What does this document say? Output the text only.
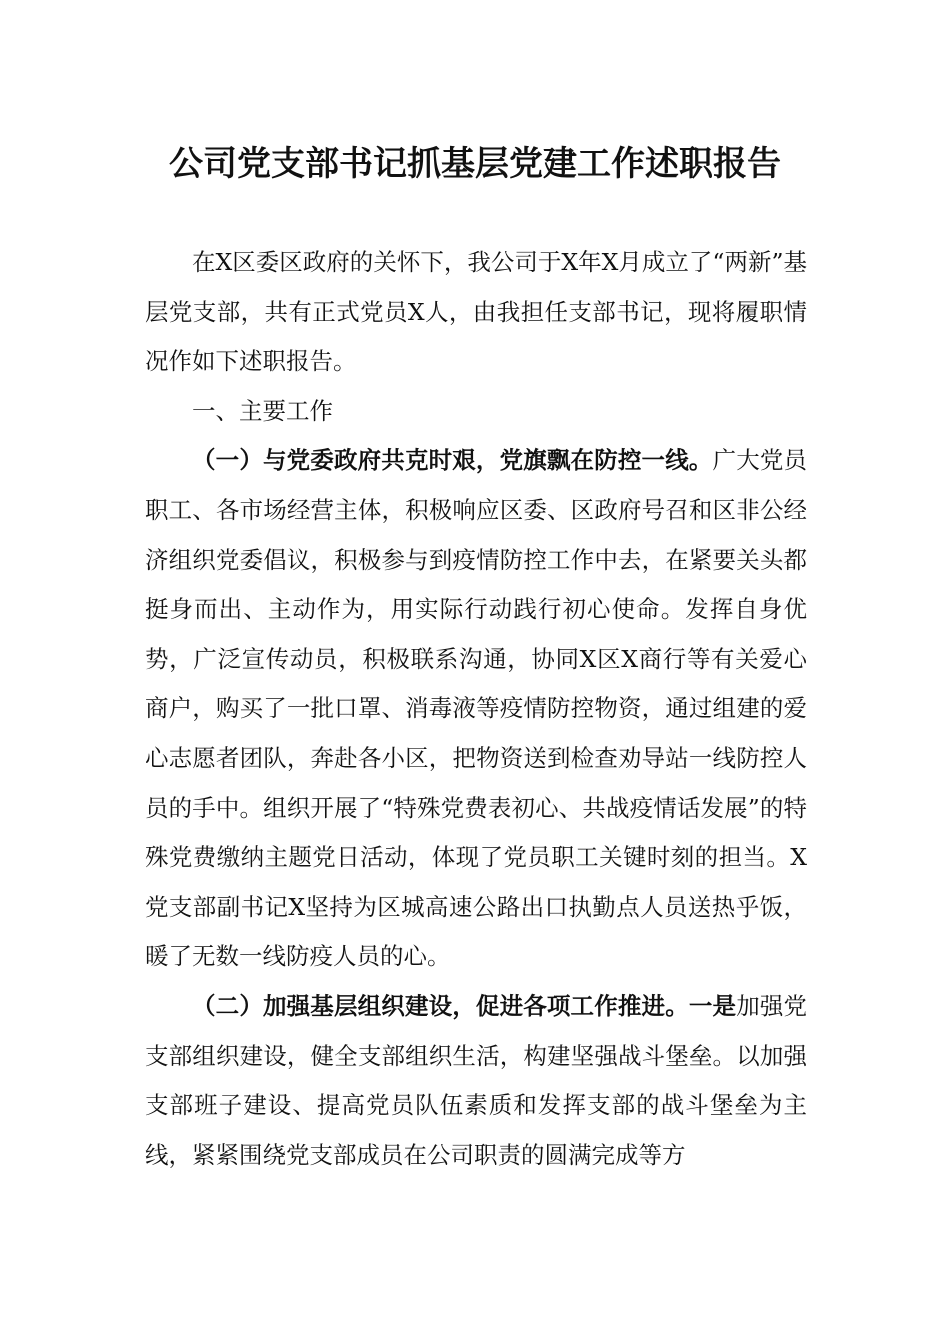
公司党支部书记抓基层党建工作述职报告

在X区委区政府的关怀下，我公司于X年X月成立了“两新”基层党支部，共有正式党员X人，由我担任支部书记，现将履职情况作如下述职报告。

一、主要工作

（一）与党委政府共克时艰，党旗飘在防控一线。广大党员职工、各市场经营主体，积极响应区委、区政府号召和区非公经济组织党委倡议，积极参与到疫情防控工作中去，在紧要关头都挺身而出、主动作为，用实际行动践行初心使命。发挥自身优势，广泛宣传动员，积极联系沟通，协同X区X商行等有关爱心商户，购买了一批口罩、消毒液等疫情防控物资，通过组建的爱心志愿者团队，奔赴各小区，把物资送到检查劝导站一线防控人员的手中。组织开展了“特殊党费表初心、共战疫情话发展”的特殊党费缴纳主题党日活动，体现了党员职工关键时刻的担当。X党支部副书记X坚持为区城高速公路出口执勤点人员送热乎饭，暖了无数一线防疫人员的心。

（二）加强基层组织建设，促进各项工作推进。一是加强党支部组织建设，健全支部组织生活，构建坚强战斗堡垒。以加强支部班子建设、提高党员队伍素质和发挥支部的战斗堡垒为主线，紧紧围绕党支部成员在公司职责的圆满完成等方
